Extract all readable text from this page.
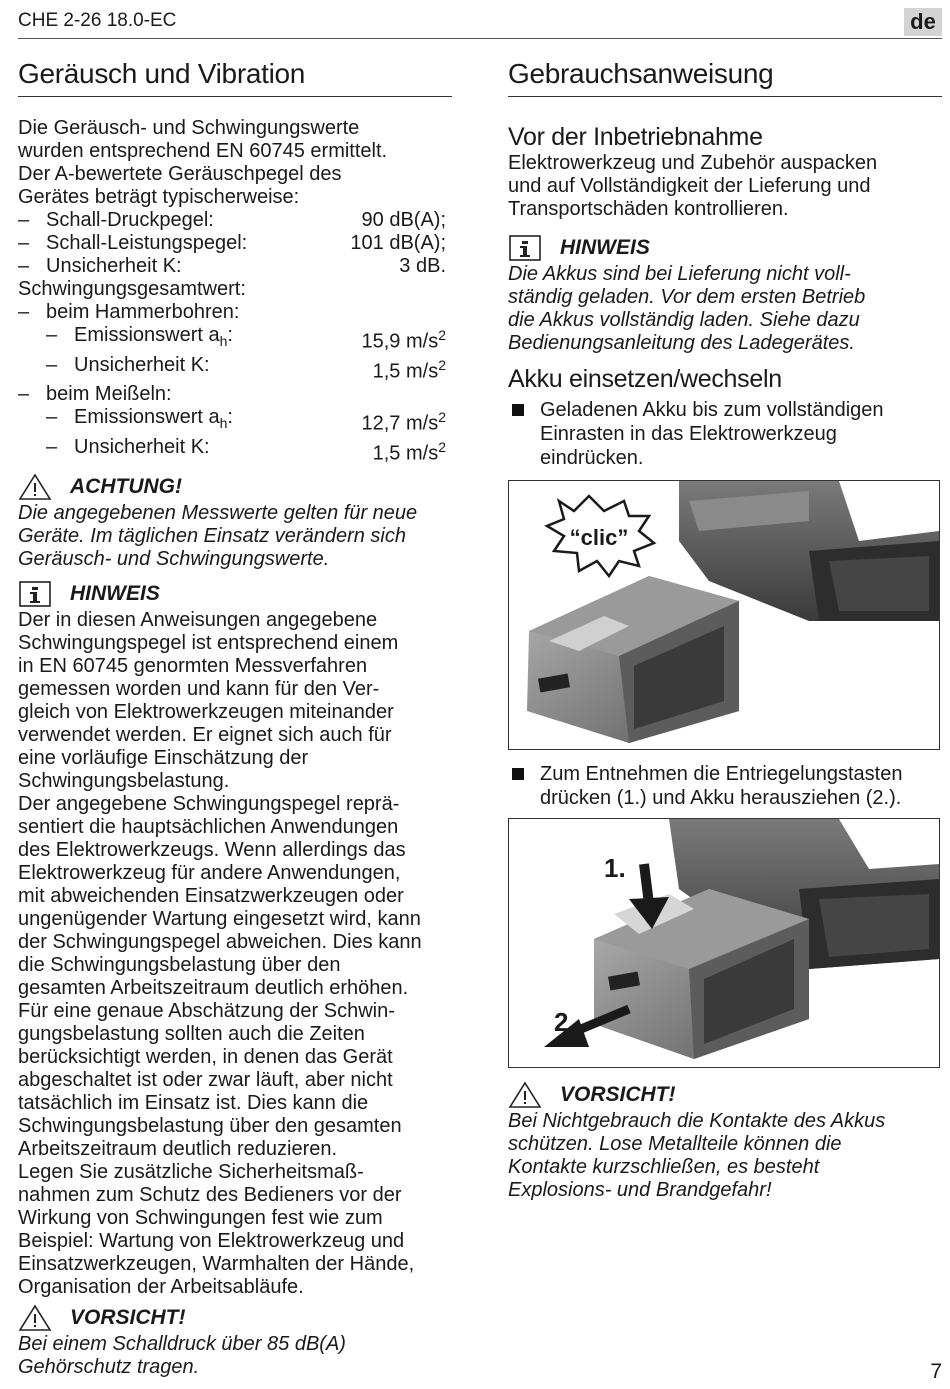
CHE 2-26 18.0-EC	de
Geräusch und Vibration

Die Geräusch- und Schwingungswerte

wurden entsprechend EN 60745 ermittelt.

Der A-bewertete Geräuschpegel des

Gerätes beträgt typischerweise:

– Schall-Druckpegel:	90 dB(A);
– Schall-Leistungspegel:	101 dB(A);
– Unsicherheit K:	3 dB.

Schwingungsgesamtwert:

– beim Hammerbohren:
– Emissionswert $a_h$:	15,9 $m/s^2$
– Unsicherheit K:	1,5 $m/s^2$
– beim Meißeln:
– Emissionswert $a_h$:	12,7 $m/s^2$
– Unsicherheit K:	1,5 $m/s^2$
ACHTUNG!

Die angegebenen Messwerte gelten für neue

Geräte. Im täglichen Einsatz verändern sich

Geräusch- und Schwingungswerte.

HINWEIS

Der in diesen Anweisungen angegebene

Schwingungspegel ist entsprechend einem

in EN 60745 genormten Messverfahren

gemessen worden und kann für den Ver-

gleich von Elektrowerkzeugen miteinander

verwendet werden. Er eignet sich auch für

eine vorläufige Einschätzung der

Schwingungsbelastung.

Der angegebene Schwingungspegel reprä-

sentiert die hauptsächlichen Anwendungen

des Elektrowerkzeugs. Wenn allerdings das

Elektrowerkzeug für andere Anwendungen,

mit abweichenden Einsatzwerkzeugen oder

ungenügender Wartung eingesetzt wird, kann

der Schwingungspegel abweichen. Dies kann

die Schwingungsbelastung über den

gesamten Arbeitszeitraum deutlich erhöhen.

Für eine genaue Abschätzung der Schwin-

gungsbelastung sollten auch die Zeiten

berücksichtigt werden, in denen das Gerät

abgeschaltet ist oder zwar läuft, aber nicht

tatsächlich im Einsatz ist. Dies kann die

Schwingungsbelastung über den gesamten

Arbeitszeitraum deutlich reduzieren.

Legen Sie zusätzliche Sicherheitsmaß-

nahmen zum Schutz des Bedieners vor der

Wirkung von Schwingungen fest wie zum

Beispiel: Wartung von Elektrowerkzeug und

Einsatzwerkzeugen, Warmhalten der Hände,

Organisation der Arbeitsabläufe.

VORSICHT!

Bei einem Schalldruck über 85 dB(A)

Gehörschutz tragen.

Gebrauchsanweisung
Vor der Inbetriebnahme

Elektrowerkzeug und Zubehör auspacken

und auf Vollständigkeit der Lieferung und

Transportschäden kontrollieren.

HINWEIS

Die Akkus sind bei Lieferung nicht voll-

ständig geladen. Vor dem ersten Betrieb

die Akkus vollständig laden. Siehe dazu

Bedienungsanleitung des Ladegerätes.

Akku einsetzen/wechseln
Geladenen Akku bis zum vollständigen
Einrasten in das Elektrowerkzeug
eindrücken.
“clic”
Zum Entnehmen die Entriegelungstasten
drücken (1.) und Akku herausziehen (2.).
1.
2.
VORSICHT!

Bei Nichtgebrauch die Kontakte des Akkus

schützen. Lose Metallteile können die

Kontakte kurzschließen, es besteht

Explosions- und Brandgefahr!

7
